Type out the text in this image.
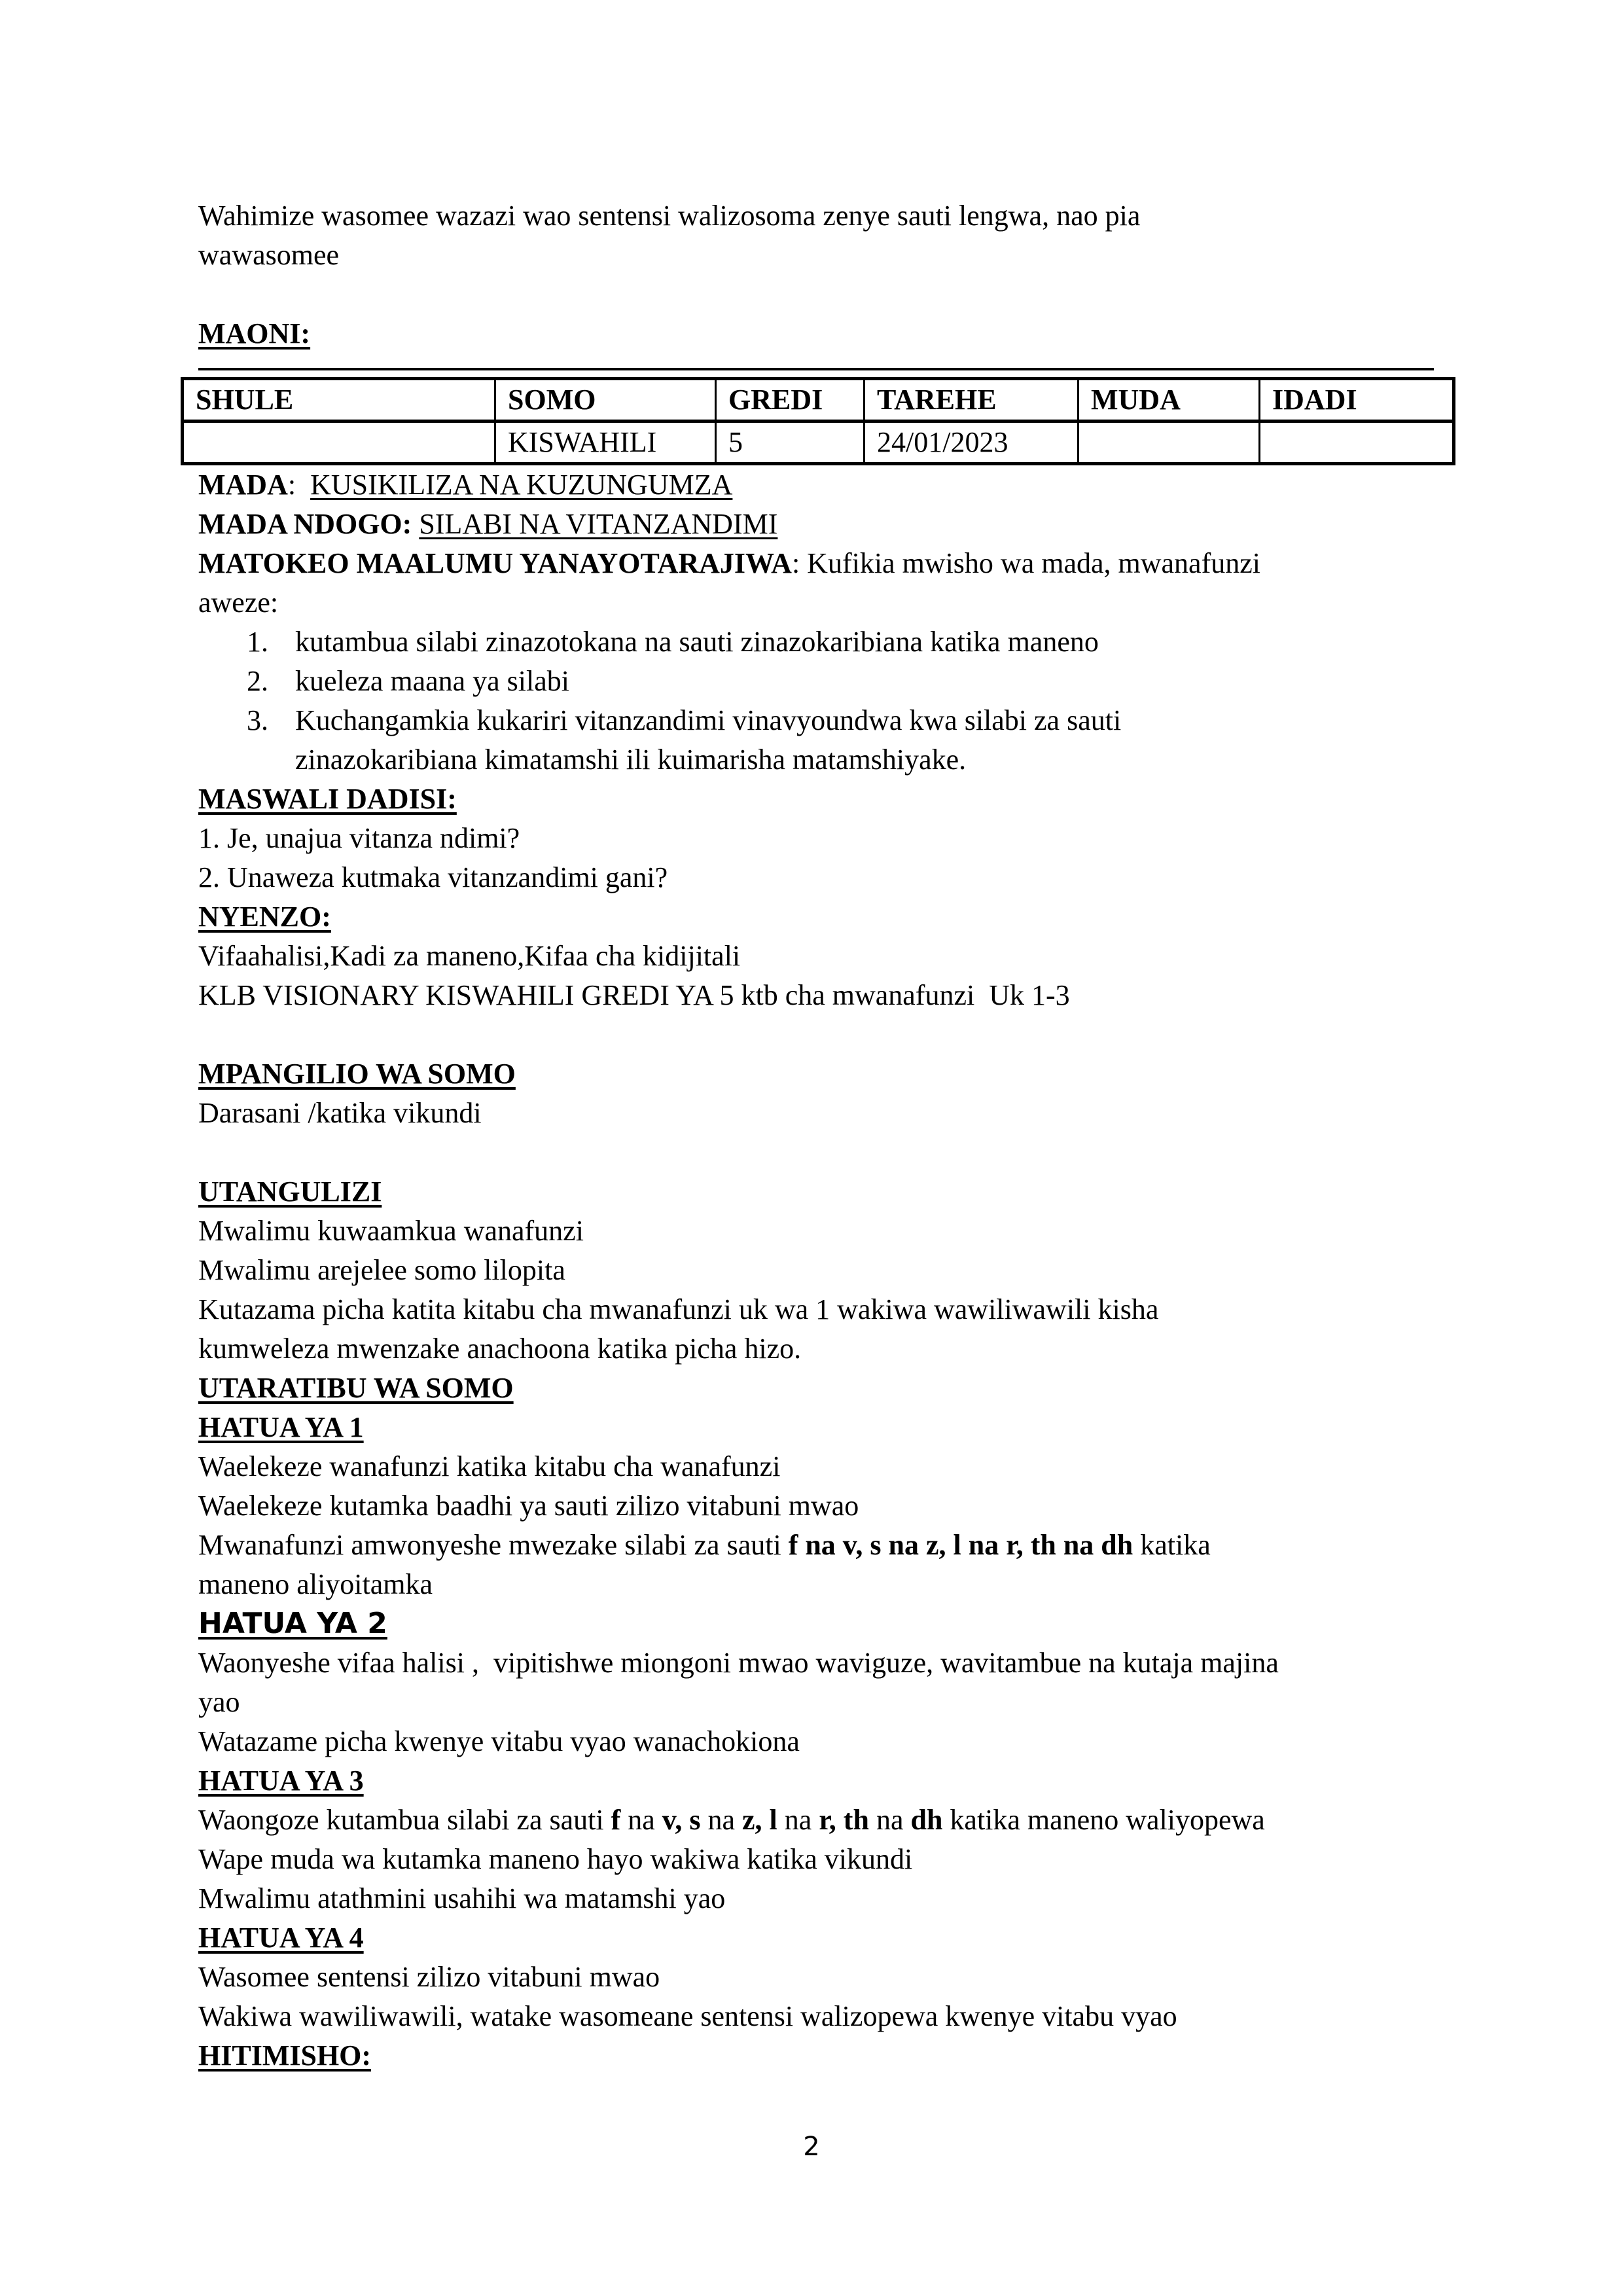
Wahimize wasomee wazazi wao sentensi walizosoma zenye sauti lengwa, nao pia
wawasomee
MAONI:
SHULE	SOMO	GREDI	TAREHE	MUDA	IDADI
	KISWAHILI	5	24/01/2023		
MADA: KUSIKILIZA NA KUZUNGUMZA
MADA NDOGO: SILABI NA VITANZANDIMI
MATOKEO MAALUMU YANAYOTARAJIWA: Kufikia mwisho wa mada, mwanafunzi
aweze:
1. kutambua silabi zinazotokana na sauti zinazokaribiana katika maneno
2. kueleza maana ya silabi
3. Kuchangamkia kukariri vitanzandimi vinavyoundwa kwa silabi za sauti
zinazokaribiana kimatamshi ili kuimarisha matamshiyake.
MASWALI DADISI:
1. Je, unajua vitanza ndimi?
2. Unaweza kutmaka vitanzandimi gani?
NYENZO:
Vifaahalisi,Kadi za maneno,Kifaa cha kidijitali
KLB VISIONARY KISWAHILI GREDI YA 5 ktb cha mwanafunzi  Uk 1-3
MPANGILIO WA SOMO
Darasani /katika vikundi
UTANGULIZI
Mwalimu kuwaamkua wanafunzi
Mwalimu arejelee somo lilopita
Kutazama picha katita kitabu cha mwanafunzi uk wa 1 wakiwa wawiliwawili kisha
kumweleza mwenzake anachoona katika picha hizo.
UTARATIBU WA SOMO
HATUA YA 1
Waelekeze wanafunzi katika kitabu cha wanafunzi
Waelekeze kutamka baadhi ya sauti zilizo vitabuni mwao
Mwanafunzi amwonyeshe mwezake silabi za sauti f na v, s na z, l na r, th na dh katika
maneno aliyoitamka
HATUA YA 2
Waonyeshe vifaa halisi ,  vipitishwe miongoni mwao waviguze, wavitambue na kutaja majina
yao
Watazame picha kwenye vitabu vyao wanachokiona
HATUA YA 3
Waongoze kutambua silabi za sauti f na v, s na z, l na r, th na dh katika maneno waliyopewa
Wape muda wa kutamka maneno hayo wakiwa katika vikundi
Mwalimu atathmini usahihi wa matamshi yao
HATUA YA 4
Wasomee sentensi zilizo vitabuni mwao
Wakiwa wawiliwawili, watake wasomeane sentensi walizopewa kwenye vitabu vyao
HITIMISHO:
2
